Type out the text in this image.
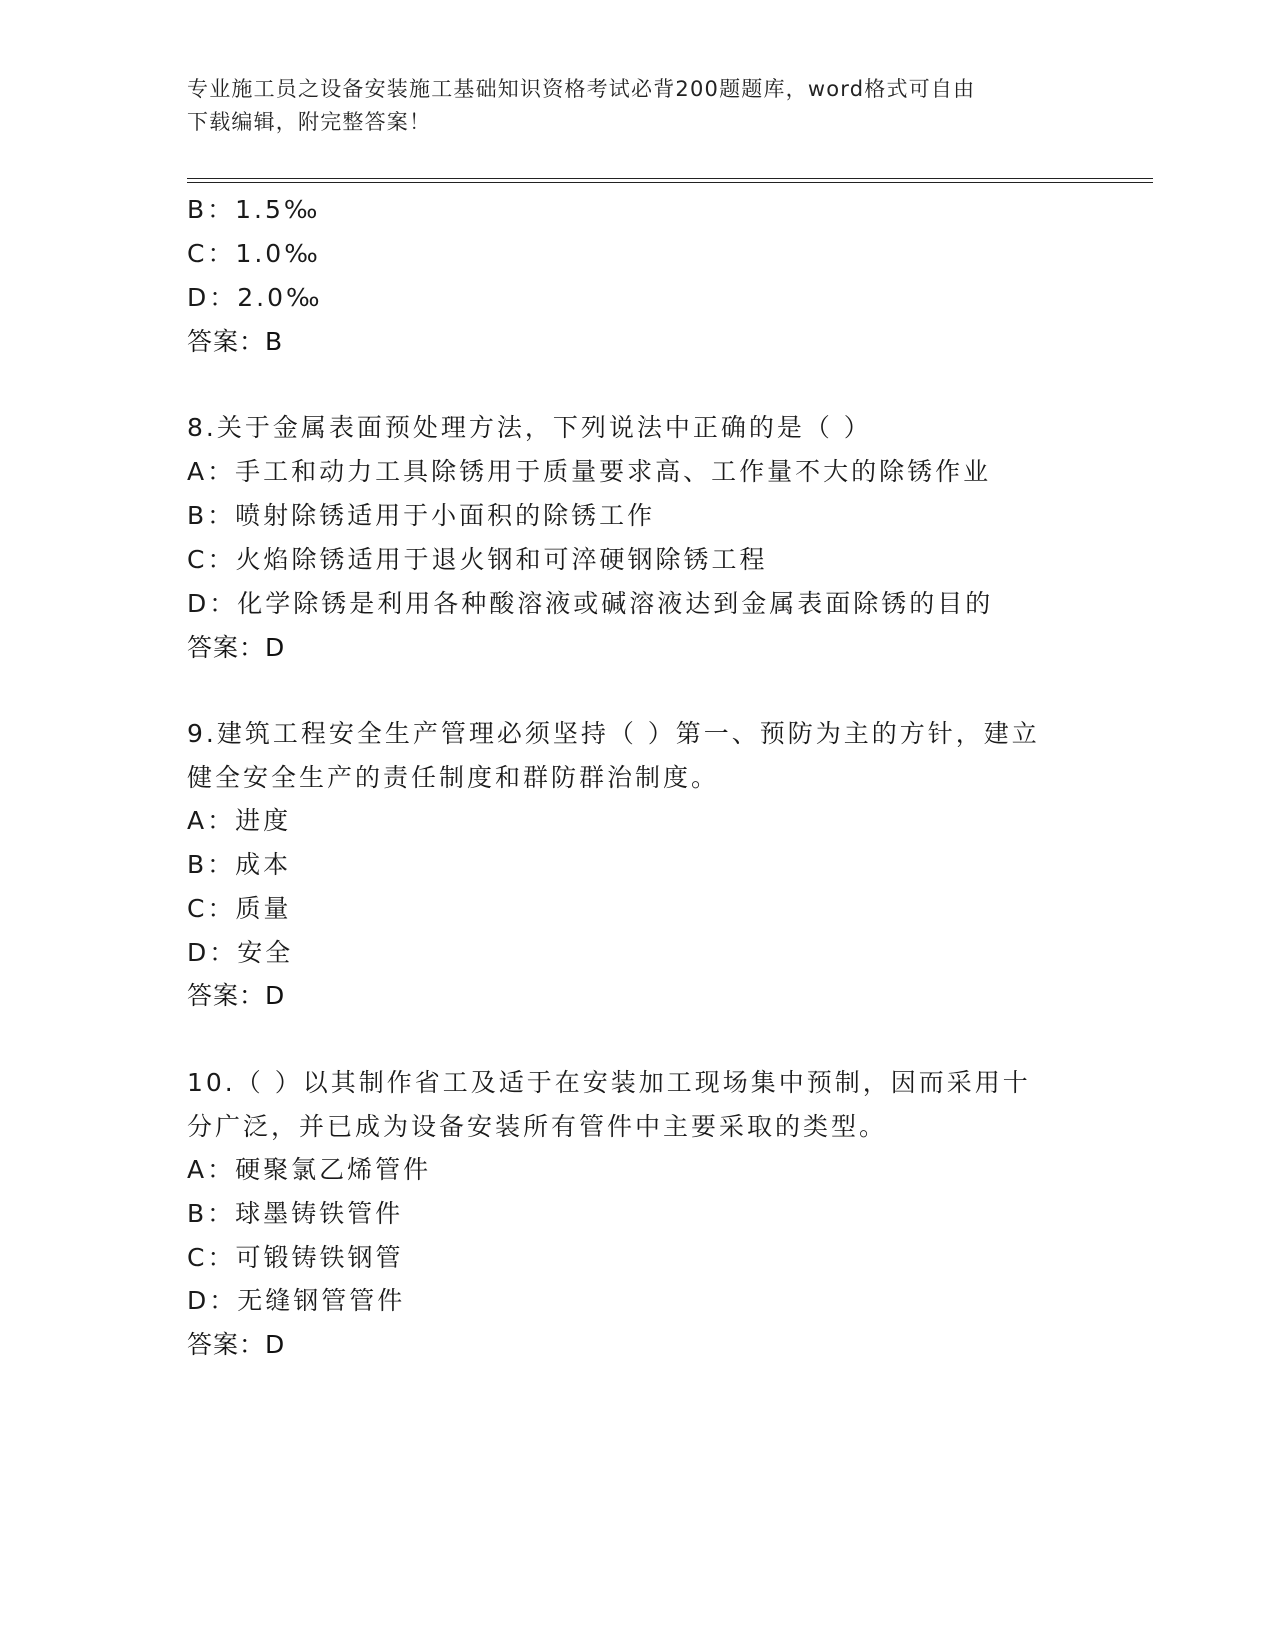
专业施工员之设备安装施工基础知识资格考试必背200题题库，word格式可自由
下载编辑，附完整答案！
B：1.5‰
C：1.0‰
D：2.0‰
答案：B
8.关于金属表面预处理方法，下列说法中正确的是（ ）
A：手工和动力工具除锈用于质量要求高、工作量不大的除锈作业
B：喷射除锈适用于小面积的除锈工作
C：火焰除锈适用于退火钢和可淬硬钢除锈工程
D：化学除锈是利用各种酸溶液或碱溶液达到金属表面除锈的目的
答案：D
9.建筑工程安全生产管理必须坚持（ ）第一、预防为主的方针，建立
健全安全生产的责任制度和群防群治制度。
A：进度
B：成本
C：质量
D：安全
答案：D
10.（ ）以其制作省工及适于在安装加工现场集中预制，因而采用十
分广泛，并已成为设备安装所有管件中主要采取的类型。
A：硬聚氯乙烯管件
B：球墨铸铁管件
C：可锻铸铁钢管
D：无缝钢管管件
答案：D
